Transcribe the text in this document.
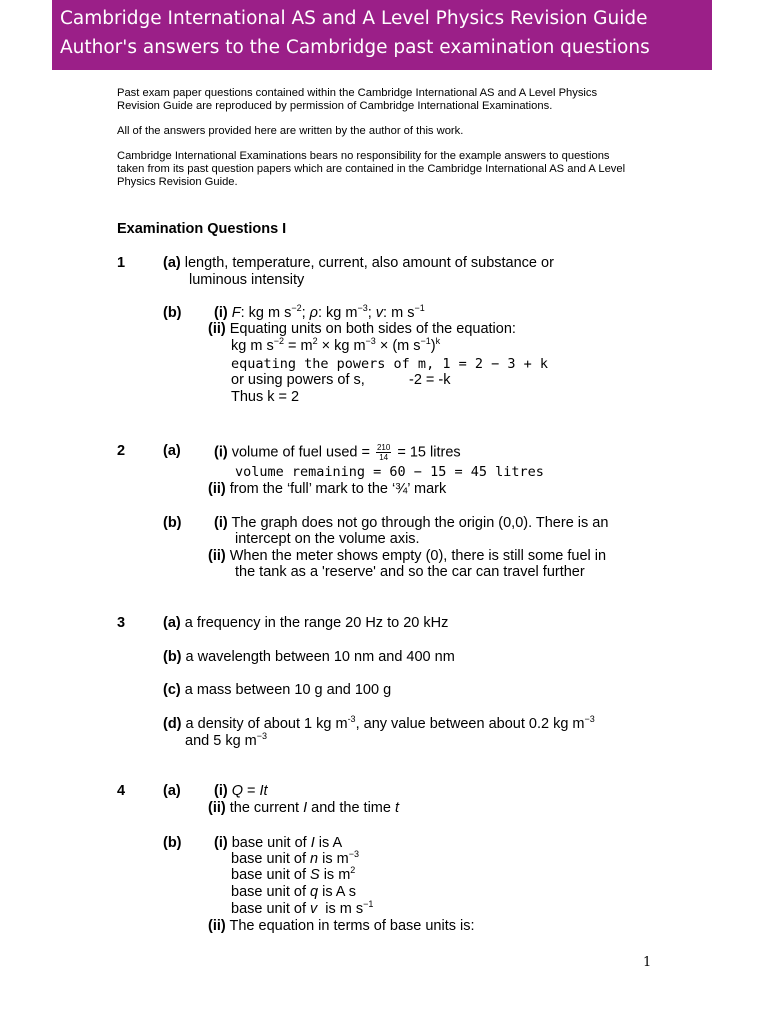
Cambridge International AS and A Level Physics Revision Guide
Author's answers to the Cambridge past examination questions
Past exam paper questions contained within the Cambridge International AS and A Level Physics
Revision Guide are reproduced by permission of Cambridge International Examinations.
All of the answers provided here are written by the author of this work.
Cambridge International Examinations bears no responsibility for the example answers to questions
taken from its past question papers which are contained in the Cambridge International AS and A Level
Physics Revision Guide.
Examination Questions I
1	(a) length, temperature, current, also amount of substance or
luminous intensity
(b) (i) F: kg m $s^{-2}$; ρ: kg $m^{-3}$; v: m $s^{-1}$
(ii) Equating units on both sides of the equation:
kg m $s^{-2} = m^2$ × kg $m^{-3} \times (m$ $s^{-1})^k$
equating the powers of m, 1 = 2 − 3 + k
or using powers of s,	-2 = -k
Thus k = 2
2	(a) (i) volume of fuel used = $\frac{210}{14} = 15$ litres
volume remaining = 60 − 15 = 45 litres
(ii) from the ‘full’ mark to the ‘¾’ mark
(b) (i) The graph does not go through the origin (0,0). There is an
intercept on the volume axis.
(ii) When the meter shows empty (0), there is still some fuel in
the tank as a 'reserve' and so the car can travel further
3	(a) a frequency in the range 20 Hz to 20 kHz
(b) a wavelength between 10 nm and 400 nm
(c) a mass between 10 g and 100 g
(d) a density of about 1 kg $m^{-3}$, any value between about 0.2 kg $m^{-3}$
and 5 kg $m^{-3}$
4	(a) (i) Q = It
(ii) the current I and the time t
(b) (i) base unit of I is A
base unit of n is $m^{-3}$
base unit of S is $m^2$
base unit of q is A s
base unit of v  is m $s^{-1}$
(ii) The equation in terms of base units is:
1
